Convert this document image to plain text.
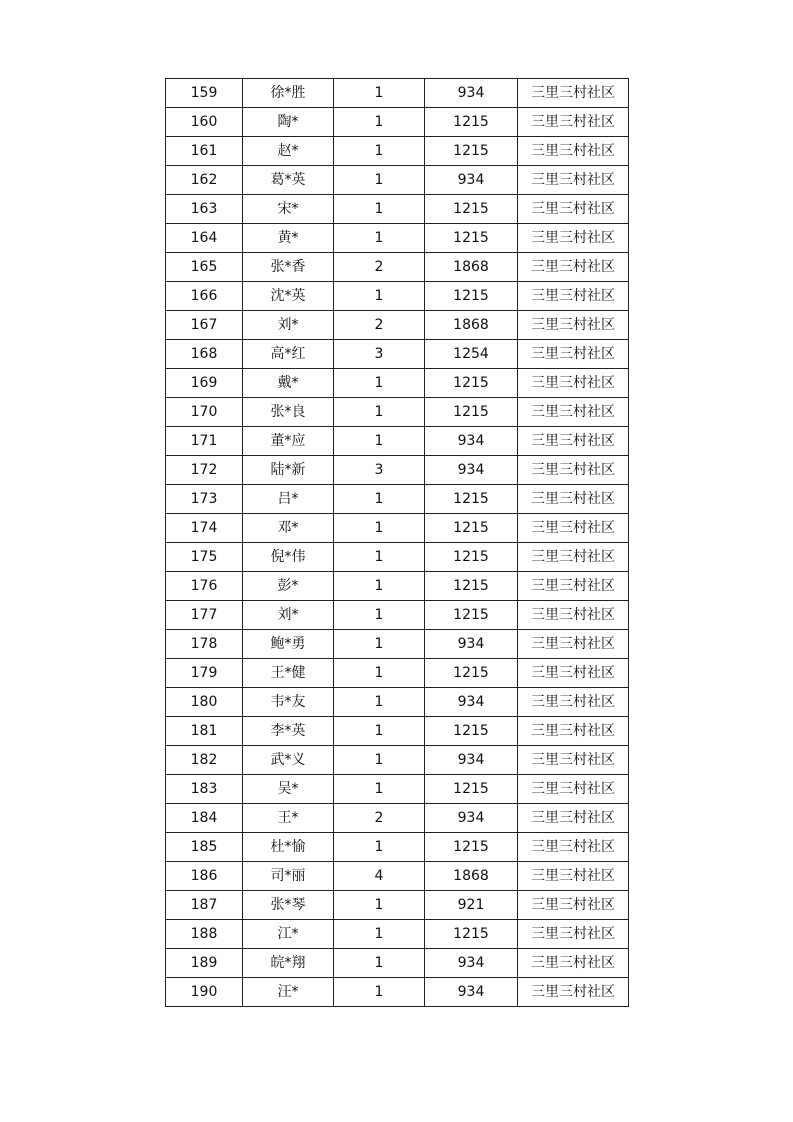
159	徐*胜	1	934	三里三村社区
160	陶*	1	1215	三里三村社区
161	赵*	1	1215	三里三村社区
162	葛*英	1	934	三里三村社区
163	宋*	1	1215	三里三村社区
164	黄*	1	1215	三里三村社区
165	张*香	2	1868	三里三村社区
166	沈*英	1	1215	三里三村社区
167	刘*	2	1868	三里三村社区
168	高*红	3	1254	三里三村社区
169	戴*	1	1215	三里三村社区
170	张*良	1	1215	三里三村社区
171	董*应	1	934	三里三村社区
172	陆*新	3	934	三里三村社区
173	吕*	1	1215	三里三村社区
174	邓*	1	1215	三里三村社区
175	倪*伟	1	1215	三里三村社区
176	彭*	1	1215	三里三村社区
177	刘*	1	1215	三里三村社区
178	鲍*勇	1	934	三里三村社区
179	王*健	1	1215	三里三村社区
180	韦*友	1	934	三里三村社区
181	李*英	1	1215	三里三村社区
182	武*义	1	934	三里三村社区
183	吴*	1	1215	三里三村社区
184	王*	2	934	三里三村社区
185	杜*愉	1	1215	三里三村社区
186	司*丽	4	1868	三里三村社区
187	张*琴	1	921	三里三村社区
188	江*	1	1215	三里三村社区
189	皖*翔	1	934	三里三村社区
190	汪*	1	934	三里三村社区
